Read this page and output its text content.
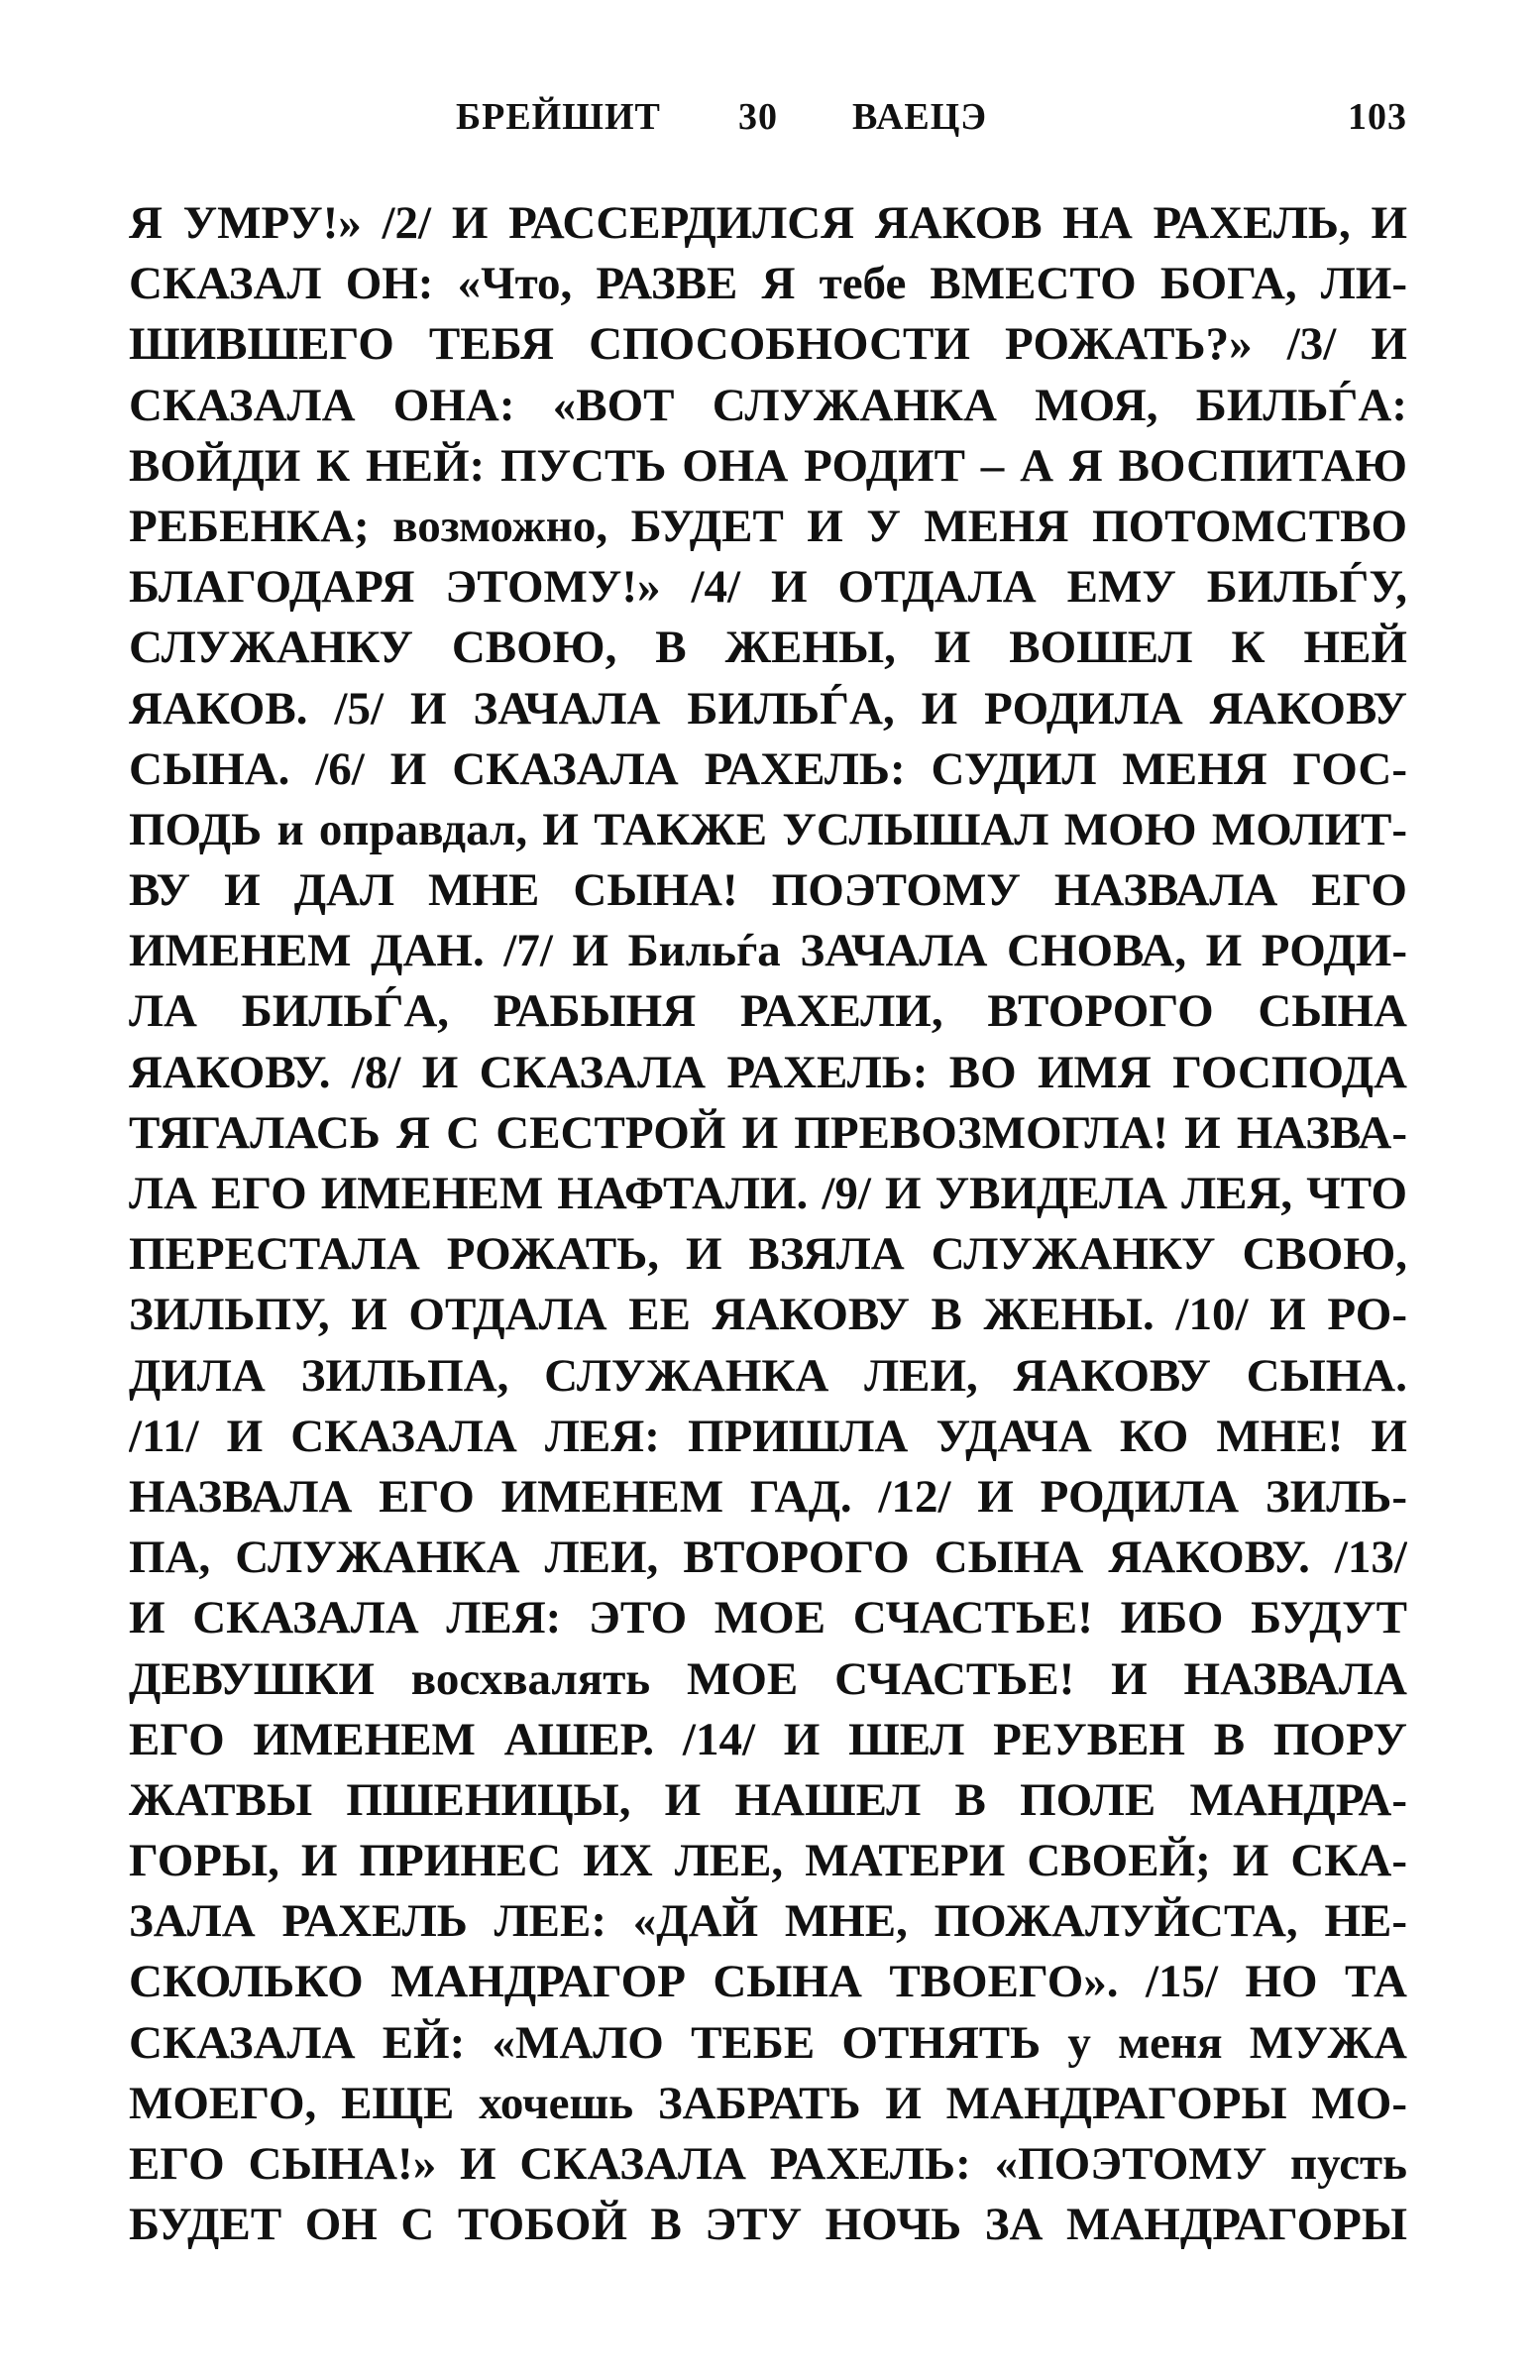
БРЕЙШИТ 30 ВАЕЦЭ	103
Я УМРУ!» /2/ И РАССЕРДИЛСЯ ЯАКОВ НА РАХЕЛЬ, И
СКАЗАЛ ОН: «Что, РАЗВЕ Я тебе ВМЕСТО БОГА, ЛИ-
ШИВШЕГО ТЕБЯ СПОСОБНОСТИ РОЖАТЬ?» /3/ И
СКАЗАЛА ОНА: «ВОТ СЛУЖАНКА МОЯ, БИЛЬЃА:
ВОЙДИ К НЕЙ: ПУСТЬ ОНА РОДИТ – А Я ВОСПИТАЮ
РЕБЕНКА; возможно, БУДЕТ И У МЕНЯ ПОТОМСТВО
БЛАГОДАРЯ ЭТОМУ!» /4/ И ОТДАЛА ЕМУ БИЛЬЃУ,
СЛУЖАНКУ СВОЮ, В ЖЕНЫ, И ВОШЕЛ К НЕЙ
ЯАКОВ. /5/ И ЗАЧАЛА БИЛЬЃА, И РОДИЛА ЯАКОВУ
СЫНА. /6/ И СКАЗАЛА РАХЕЛЬ: СУДИЛ МЕНЯ ГОС-
ПОДЬ и оправдал, И ТАКЖЕ УСЛЫШАЛ МОЮ МОЛИТ-
ВУ И ДАЛ МНЕ СЫНА! ПОЭТОМУ НАЗВАЛА ЕГО
ИМЕНЕМ ДАН. /7/ И Бильѓа ЗАЧАЛА СНОВА, И РОДИ-
ЛА БИЛЬЃА, РАБЫНЯ РАХЕЛИ, ВТОРОГО СЫНА
ЯАКОВУ. /8/ И СКАЗАЛА РАХЕЛЬ: ВО ИМЯ ГОСПОДА
ТЯГАЛАСЬ Я С СЕСТРОЙ И ПРЕВОЗМОГЛА! И НАЗВА-
ЛА ЕГО ИМЕНЕМ НАФТАЛИ. /9/ И УВИДЕЛА ЛЕЯ, ЧТО
ПЕРЕСТАЛА РОЖАТЬ, И ВЗЯЛА СЛУЖАНКУ СВОЮ,
ЗИЛЬПУ, И ОТДАЛА ЕЕ ЯАКОВУ В ЖЕНЫ. /10/ И РО-
ДИЛА ЗИЛЬПА, СЛУЖАНКА ЛЕИ, ЯАКОВУ СЫНА.
/11/ И СКАЗАЛА ЛЕЯ: ПРИШЛА УДАЧА КО МНЕ! И
НАЗВАЛА ЕГО ИМЕНЕМ ГАД. /12/ И РОДИЛА ЗИЛЬ-
ПА, СЛУЖАНКА ЛЕИ, ВТОРОГО СЫНА ЯАКОВУ. /13/
И СКАЗАЛА ЛЕЯ: ЭТО МОЕ СЧАСТЬЕ! ИБО БУДУТ
ДЕВУШКИ восхвалять МОЕ СЧАСТЬЕ! И НАЗВАЛА
ЕГО ИМЕНЕМ АШЕР. /14/ И ШЕЛ РЕУВЕН В ПОРУ
ЖАТВЫ ПШЕНИЦЫ, И НАШЕЛ В ПОЛЕ МАНДРА-
ГОРЫ, И ПРИНЕС ИХ ЛЕЕ, МАТЕРИ СВОЕЙ; И СКА-
ЗАЛА РАХЕЛЬ ЛЕЕ: «ДАЙ МНЕ, ПОЖАЛУЙСТА, НЕ-
СКОЛЬКО МАНДРАГОР СЫНА ТВОЕГО». /15/ НО ТА
СКАЗАЛА ЕЙ: «МАЛО ТЕБЕ ОТНЯТЬ у меня МУЖА
МОЕГО, ЕЩЕ хочешь ЗАБРАТЬ И МАНДРАГОРЫ МО-
ЕГО СЫНА!» И СКАЗАЛА РАХЕЛЬ: «ПОЭТОМУ пусть
БУДЕТ ОН С ТОБОЙ В ЭТУ НОЧЬ ЗА МАНДРАГОРЫ
